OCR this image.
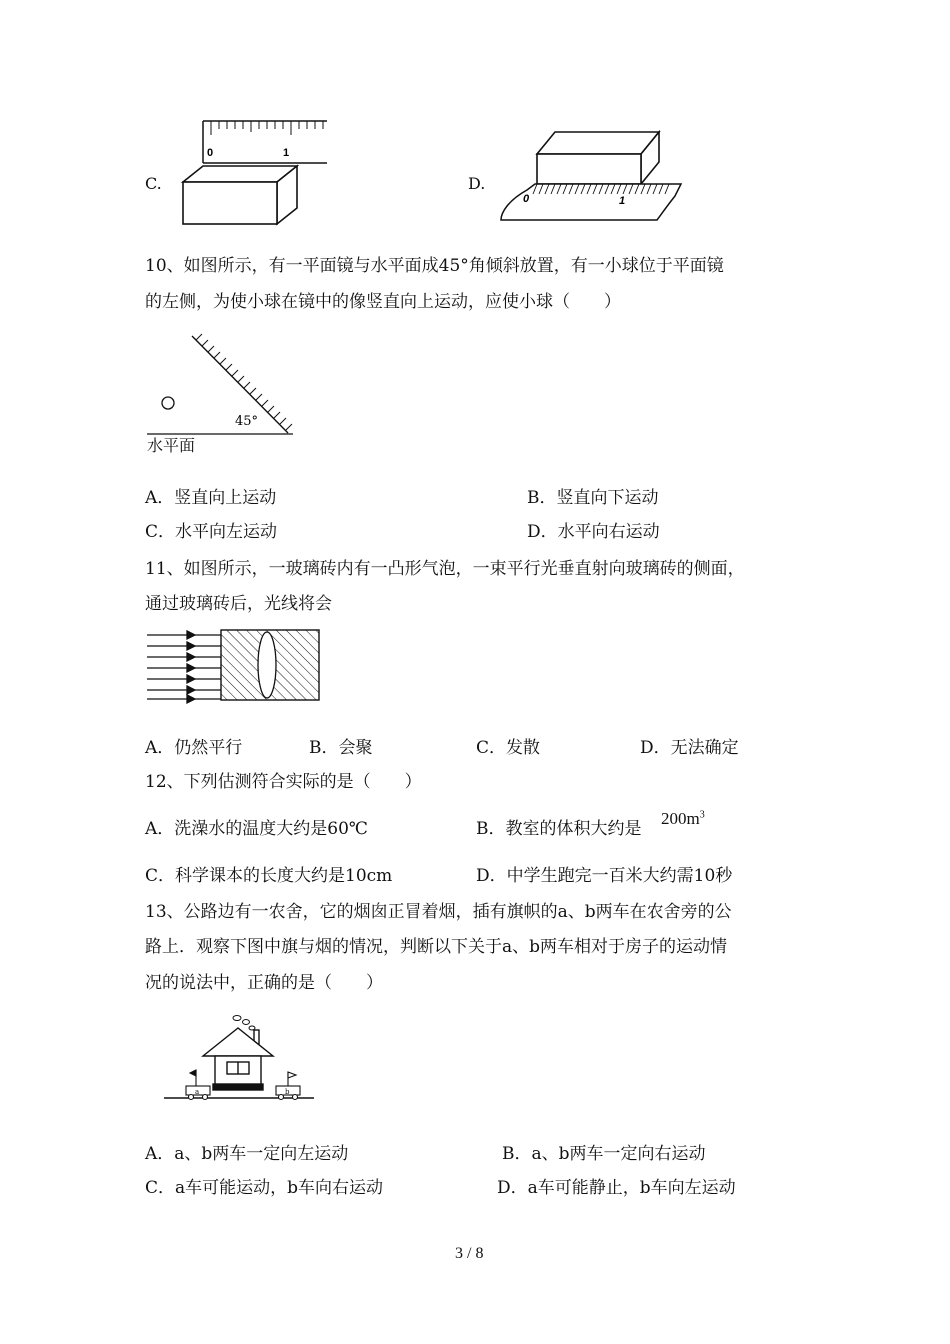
C.
0	1
D.
0	1
10、如图所示，有一平面镜与水平面成45°角倾斜放置，有一小球位于平面镜
的左侧，为使小球在镜中的像竖直向上运动，应使小球（　　）
45°
水平面
A．竖直向上运动	B．竖直向下运动
C．水平向左运动	D．水平向右运动
11、如图所示，一玻璃砖内有一凸形气泡，一束平行光垂直射向玻璃砖的侧面，
通过玻璃砖后，光线将会
A．仍然平行	B．会聚	C．发散	D．无法确定
12、下列估测符合实际的是（　　）
A．洗澡水的温度大约是60℃	B．教室的体积大约是
$200m^3$
C．科学课本的长度大约是10cm	D．中学生跑完一百米大约需10秒
13、公路边有一农舍，它的烟囱正冒着烟，插有旗帜的a、b两车在农舍旁的公
路上．观察下图中旗与烟的情况，判断以下关于a、b两车相对于房子的运动情
况的说法中，正确的是（　　）
a	b
A．a、b两车一定向左运动	B．a、b两车一定向右运动
C．a车可能运动，b车向右运动	D．a车可能静止，b车向左运动
3 / 8
